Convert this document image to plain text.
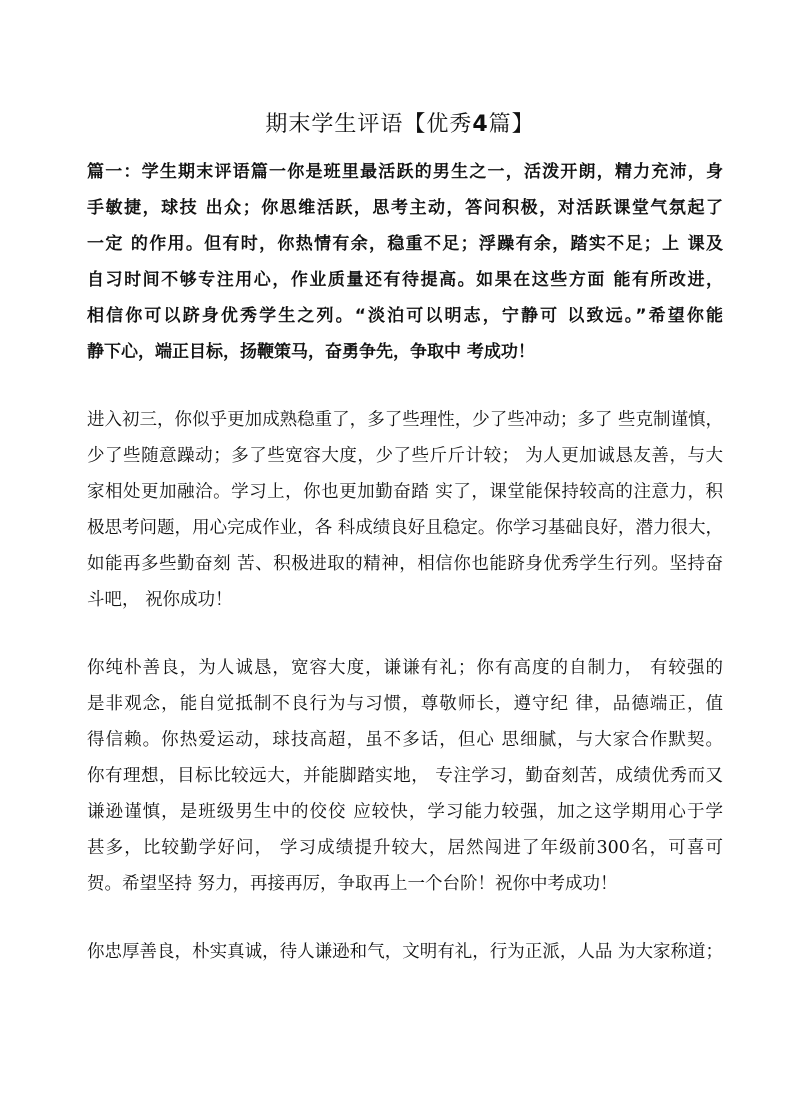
期末学生评语【优秀4篇】
篇一：学生期末评语篇一你是班里最活跃的男生之一，活泼开朗，精力充沛，身
手敏捷，球技 出众；你思维活跃，思考主动，答问积极，对活跃课堂气氛起了
一定 的作用。但有时，你热情有余，稳重不足；浮躁有余，踏实不足；上 课及
自习时间不够专注用心，作业质量还有待提高。如果在这些方面 能有所改进，
相信你可以跻身优秀学生之列。“淡泊可以明志，宁静可 以致远。”希望你能
静下心，端正目标，扬鞭策马，奋勇争先，争取中 考成功！
进入初三，你似乎更加成熟稳重了，多了些理性，少了些冲动；多了 些克制谨慎，
少了些随意躁动；多了些宽容大度，少了些斤斤计较； 为人更加诚恳友善，与大
家相处更加融洽。学习上，你也更加勤奋踏 实了，课堂能保持较高的注意力，积
极思考问题，用心完成作业，各 科成绩良好且稳定。你学习基础良好，潜力很大，
如能再多些勤奋刻 苦、积极进取的精神，相信你也能跻身优秀学生行列。坚持奋
斗吧， 祝你成功！
你纯朴善良，为人诚恳，宽容大度，谦谦有礼；你有高度的自制力， 有较强的
是非观念，能自觉抵制不良行为与习惯，尊敬师长，遵守纪 律，品德端正，值
得信赖。你热爱运动，球技高超，虽不多话，但心 思细腻，与大家合作默契。
你有理想，目标比较远大，并能脚踏实地， 专注学习，勤奋刻苦，成绩优秀而又
谦逊谨慎，是班级男生中的佼佼 应较快，学习能力较强，加之这学期用心于学
甚多，比较勤学好问， 学习成绩提升较大，居然闯进了年级前300名，可喜可
贺。希望坚持 努力，再接再厉，争取再上一个台阶！祝你中考成功！
你忠厚善良，朴实真诚，待人谦逊和气，文明有礼，行为正派，人品 为大家称道；
